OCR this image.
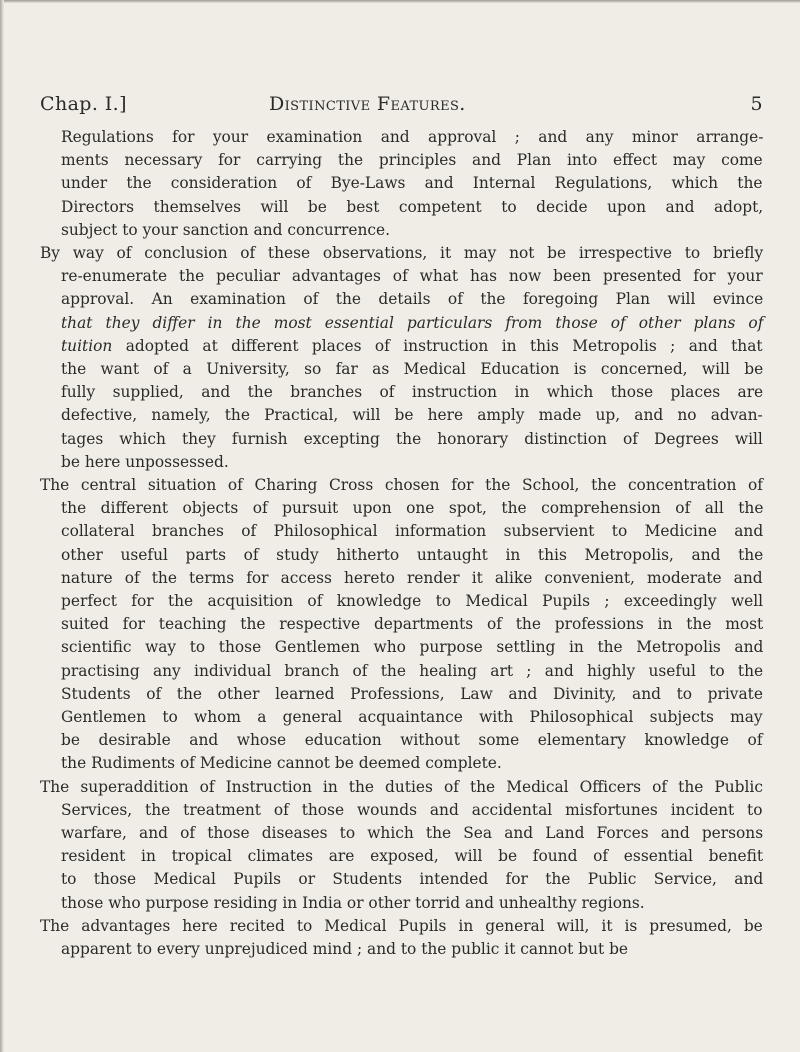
Chap. I.]	Distinctive Features.	5
Regulations for your examination and approval ; and any minor arrange-
ments necessary for carrying the principles and Plan into effect may come
under the consideration of Bye-Laws and Internal Regulations, which the
Directors themselves will be best competent to decide upon and adopt,
subject to your sanction and concurrence.
By way of conclusion of these observations, it may not be irrespective to briefly
re-enumerate the peculiar advantages of what has now been presented for your
approval. An examination of the details of the foregoing Plan will evince
that they differ in the most essential particulars from those of other plans of
tuition adopted at different places of instruction in this Metropolis ; and that
the want of a University, so far as Medical Education is concerned, will be
fully supplied, and the branches of instruction in which those places are
defective, namely, the Practical, will be here amply made up, and no advan-
tages which they furnish excepting the honorary distinction of Degrees will
be here unpossessed.
The central situation of Charing Cross chosen for the School, the concentration of
the different objects of pursuit upon one spot, the comprehension of all the
collateral branches of Philosophical information subservient to Medicine and
other useful parts of study hitherto untaught in this Metropolis, and the
nature of the terms for access hereto render it alike convenient, moderate and
perfect for the acquisition of knowledge to Medical Pupils ; exceedingly well
suited for teaching the respective departments of the professions in the most
scientific way to those Gentlemen who purpose settling in the Metropolis and
practising any individual branch of the healing art ; and highly useful to the
Students of the other learned Professions, Law and Divinity, and to private
Gentlemen to whom a general acquaintance with Philosophical subjects may
be desirable and whose education without some elementary knowledge of
the Rudiments of Medicine cannot be deemed complete.
The superaddition of Instruction in the duties of the Medical Officers of the Public
Services, the treatment of those wounds and accidental misfortunes incident to
warfare, and of those diseases to which the Sea and Land Forces and persons
resident in tropical climates are exposed, will be found of essential benefit
to those Medical Pupils or Students intended for the Public Service, and
those who purpose residing in India or other torrid and unhealthy regions.
The advantages here recited to Medical Pupils in general will, it is presumed, be
apparent to every unprejudiced mind ; and to the public it cannot but be
